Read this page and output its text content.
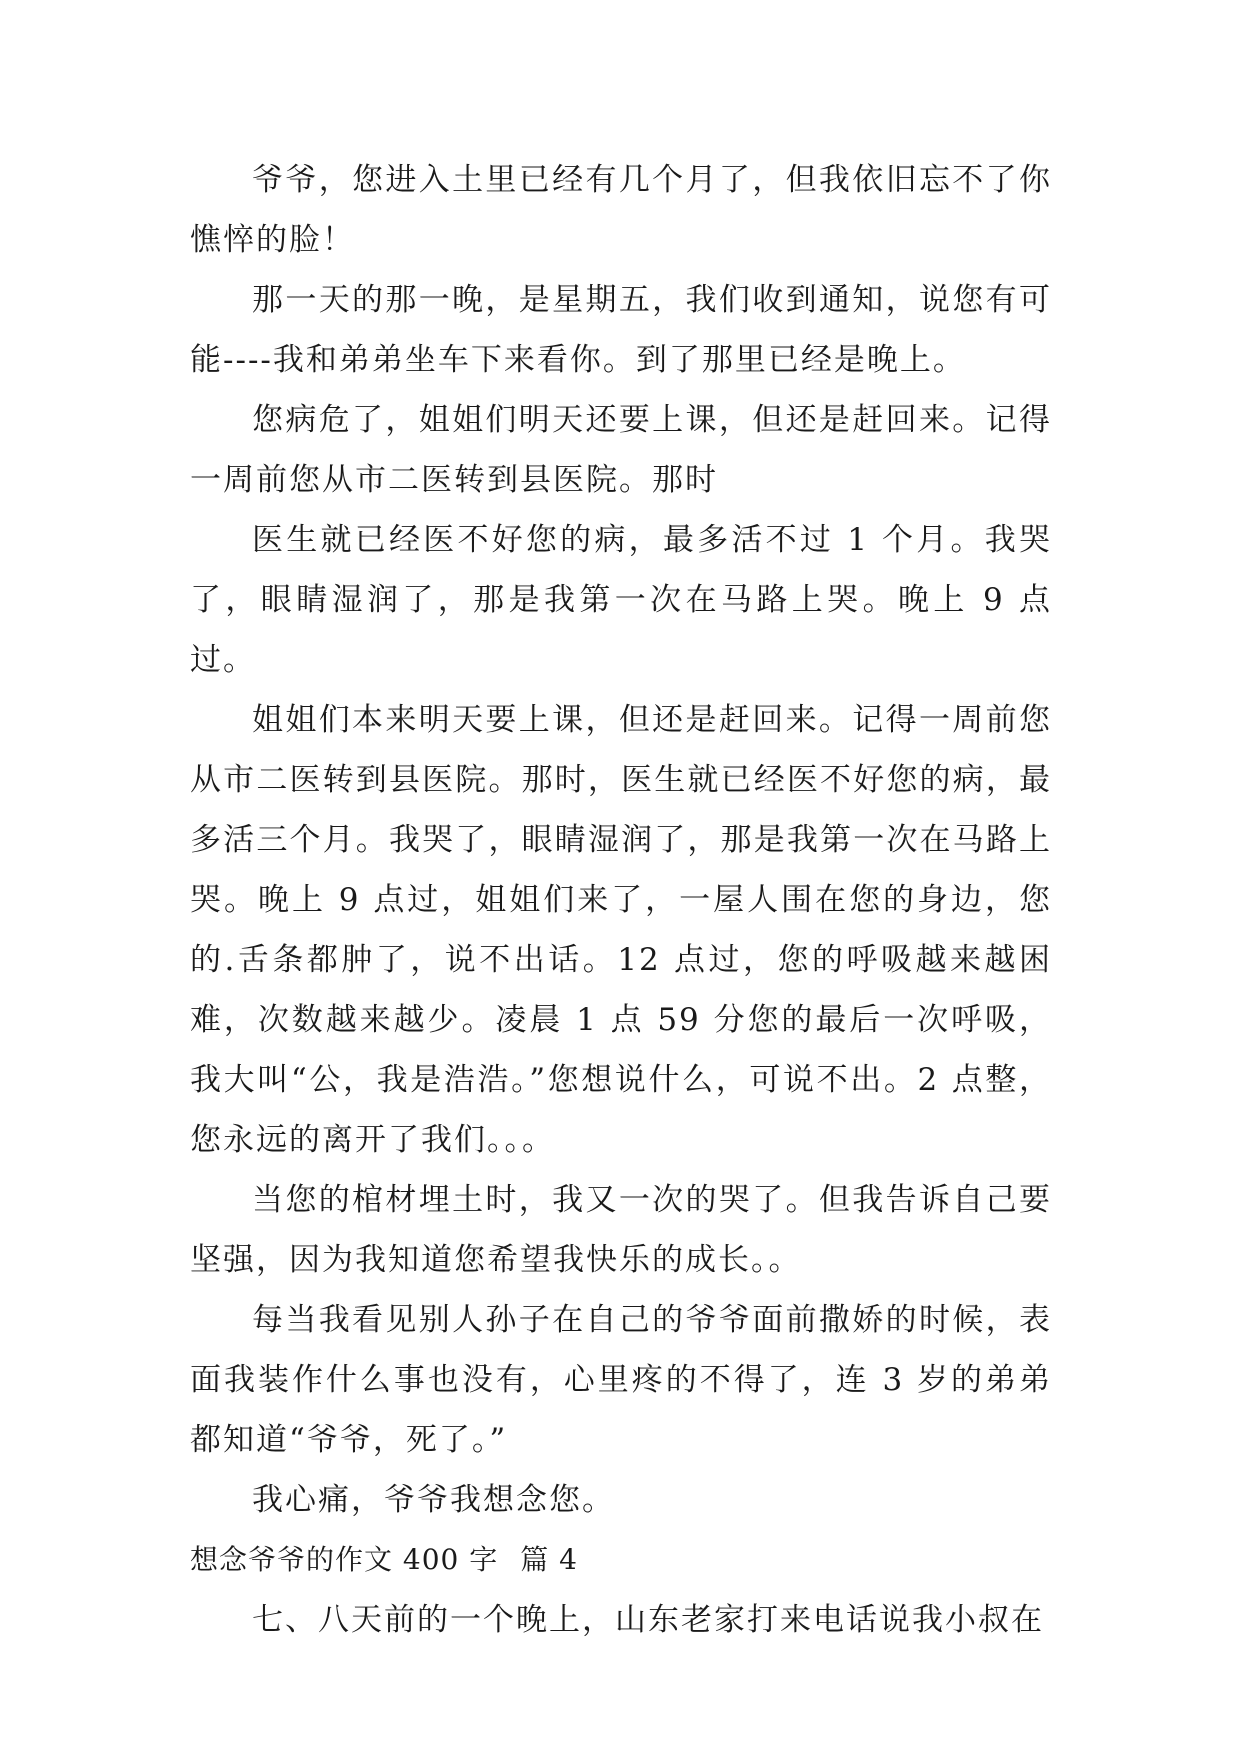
爷爷，您进入土里已经有几个月了，但我依旧忘不了你憔悴的脸！

那一天的那一晚，是星期五，我们收到通知，说您有可能----我和弟弟坐车下来看你。到了那里已经是晚上。

您病危了，姐姐们明天还要上课，但还是赶回来。记得一周前您从市二医转到县医院。那时

医生就已经医不好您的病，最多活不过 1 个月。我哭了，眼睛湿润了，那是我第一次在马路上哭。晚上 9 点过。

姐姐们本来明天要上课，但还是赶回来。记得一周前您从市二医转到县医院。那时，医生就已经医不好您的病，最多活三个月。我哭了，眼睛湿润了，那是我第一次在马路上哭。晚上 9 点过，姐姐们来了，一屋人围在您的身边，您的.舌条都肿了，说不出话。12 点过，您的呼吸越来越困难，次数越来越少。凌晨 1 点 59 分您的最后一次呼吸，我大叫“公，我是浩浩。”您想说什么，可说不出。2 点整，您永远的离开了我们。。。

当您的棺材埋土时，我又一次的哭了。但我告诉自己要坚强，因为我知道您希望我快乐的成长。。

每当我看见别人孙子在自己的爷爷面前撒娇的时候，表面我装作什么事也没有，心里疼的不得了，连 3 岁的弟弟都知道“爷爷，死了。”

我心痛，爷爷我想念您。

想念爷爷的作文 400 字 篇 4

七、八天前的一个晚上，山东老家打来电话说我小叔在
